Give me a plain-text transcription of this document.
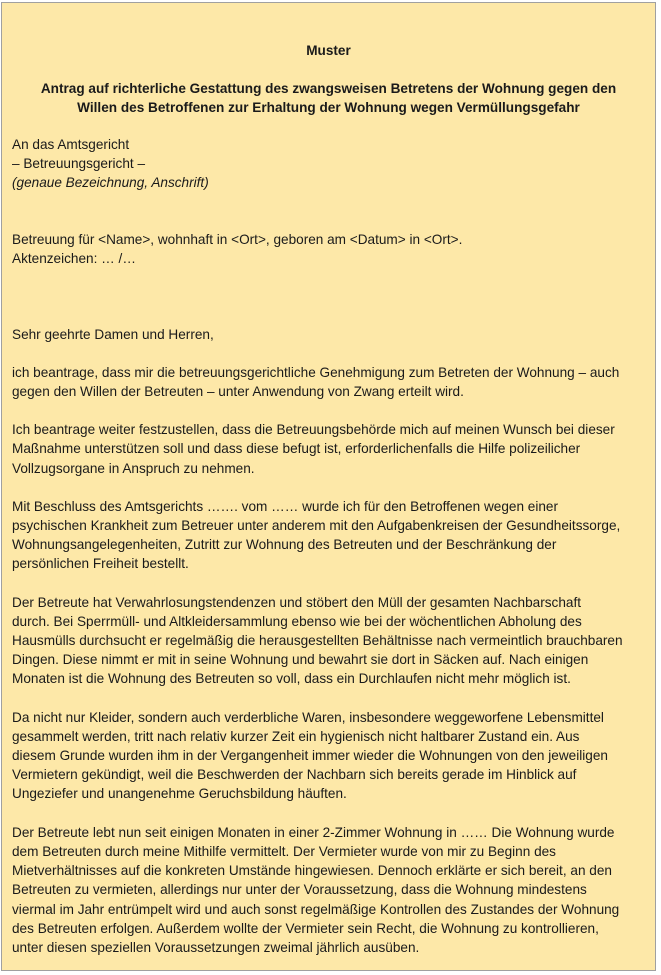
Muster
Antrag auf richterliche Gestattung des zwangsweisen Betretens der Wohnung gegen den
Willen des Betroffenen zur Erhaltung der Wohnung wegen Vermüllungsgefahr
An das Amtsgericht
– Betreuungsgericht –
(genaue Bezeichnung, Anschrift)
Betreuung für <Name>, wohnhaft in <Ort>, geboren am <Datum> in <Ort>.
Aktenzeichen: … /…

Sehr geehrte Damen und Herren,

ich beantrage, dass mir die betreuungsgerichtliche Genehmigung zum Betreten der Wohnung – auch
gegen den Willen der Betreuten – unter Anwendung von Zwang erteilt wird.
Ich beantrage weiter festzustellen, dass die Betreuungsbehörde mich auf meinen Wunsch bei dieser
Maßnahme unterstützen soll und dass diese befugt ist, erforderlichenfalls die Hilfe polizeilicher
Vollzugsorgane in Anspruch zu nehmen.
Mit Beschluss des Amtsgerichts ……. vom …… wurde ich für den Betroffenen wegen einer
psychischen Krankheit zum Betreuer unter anderem mit den Aufgabenkreisen der Gesundheitssorge,
Wohnungsangelegenheiten, Zutritt zur Wohnung des Betreuten und der Beschränkung der
persönlichen Freiheit bestellt.
Der Betreute hat Verwahrlosungstendenzen und stöbert den Müll der gesamten Nachbarschaft
durch. Bei Sperrmüll- und Altkleidersammlung ebenso wie bei der wöchentlichen Abholung des
Hausmülls durchsucht er regelmäßig die herausgestellten Behältnisse nach vermeintlich brauchbaren
Dingen. Diese nimmt er mit in seine Wohnung und bewahrt sie dort in Säcken auf. Nach einigen
Monaten ist die Wohnung des Betreuten so voll, dass ein Durchlaufen nicht mehr möglich ist.
Da nicht nur Kleider, sondern auch verderbliche Waren, insbesondere weggeworfene Lebensmittel
gesammelt werden, tritt nach relativ kurzer Zeit ein hygienisch nicht haltbarer Zustand ein. Aus
diesem Grunde wurden ihm in der Vergangenheit immer wieder die Wohnungen von den jeweiligen
Vermietern gekündigt, weil die Beschwerden der Nachbarn sich bereits gerade im Hinblick auf
Ungeziefer und unangenehme Geruchsbildung häuften.
Der Betreute lebt nun seit einigen Monaten in einer 2-Zimmer Wohnung in …… Die Wohnung wurde
dem Betreuten durch meine Mithilfe vermittelt. Der Vermieter wurde von mir zu Beginn des
Mietverhältnisses auf die konkreten Umstände hingewiesen. Dennoch erklärte er sich bereit, an den
Betreuten zu vermieten, allerdings nur unter der Voraussetzung, dass die Wohnung mindestens
viermal im Jahr entrümpelt wird und auch sonst regelmäßige Kontrollen des Zustandes der Wohnung
des Betreuten erfolgen. Außerdem wollte der Vermieter sein Recht, die Wohnung zu kontrollieren,
unter diesen speziellen Voraussetzungen zweimal jährlich ausüben.
